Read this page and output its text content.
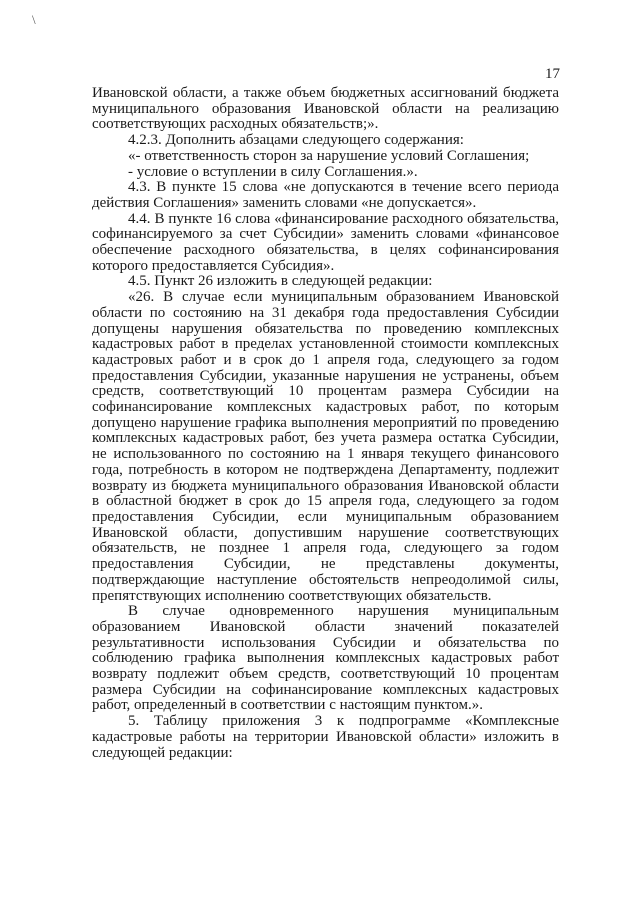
\
17

Ивановской области, а также объем бюджетных ассигнований бюджета муниципального образования Ивановской области на реализацию соответствующих расходных обязательств;».

4.2.3. Дополнить абзацами следующего содержания:

«- ответственность сторон за нарушение условий Соглашения;

- условие о вступлении в силу Соглашения.».

4.3. В пункте 15 слова «не допускаются в течение всего периода действия Соглашения» заменить словами «не допускается».

4.4. В пункте 16 слова «финансирование расходного обязательства, софинансируемого за счет Субсидии» заменить словами «финансовое обеспечение расходного обязательства, в целях софинансирования которого предоставляется Субсидия».

4.5. Пункт 26 изложить в следующей редакции:

«26. В случае если муниципальным образованием Ивановской области по состоянию на 31 декабря года предоставления Субсидии допущены нарушения обязательства по проведению комплексных кадастровых работ в пределах установленной стоимости комплексных кадастровых работ и в срок до 1 апреля года, следующего за годом предоставления Субсидии, указанные нарушения не устранены, объем средств, соответствующий 10 процентам размера Субсидии на софинансирование комплексных кадастровых работ, по которым допущено нарушение графика выполнения мероприятий по проведению комплексных кадастровых работ, без учета размера остатка Субсидии, не использованного по состоянию на 1 января текущего финансового года, потребность в котором не подтверждена Департаменту, подлежит возврату из бюджета муниципального образования Ивановской области в областной бюджет в срок до 15 апреля года, следующего за годом предоставления Субсидии, если муниципальным образованием Ивановской области, допустившим нарушение соответствующих обязательств, не позднее 1 апреля года, следующего за годом предоставления Субсидии, не представлены документы, подтверждающие наступление обстоятельств непреодолимой силы, препятствующих исполнению соответствующих обязательств.

В случае одновременного нарушения муниципальным образованием Ивановской области значений показателей результативности использования Субсидии и обязательства по соблюдению графика выполнения комплексных кадастровых работ возврату подлежит объем средств, соответствующий 10 процентам размера Субсидии на софинансирование комплексных кадастровых работ, определенный в соответствии с настоящим пунктом.».

5. Таблицу приложения 3 к подпрограмме «Комплексные кадастровые работы на территории Ивановской области» изложить в следующей редакции:
